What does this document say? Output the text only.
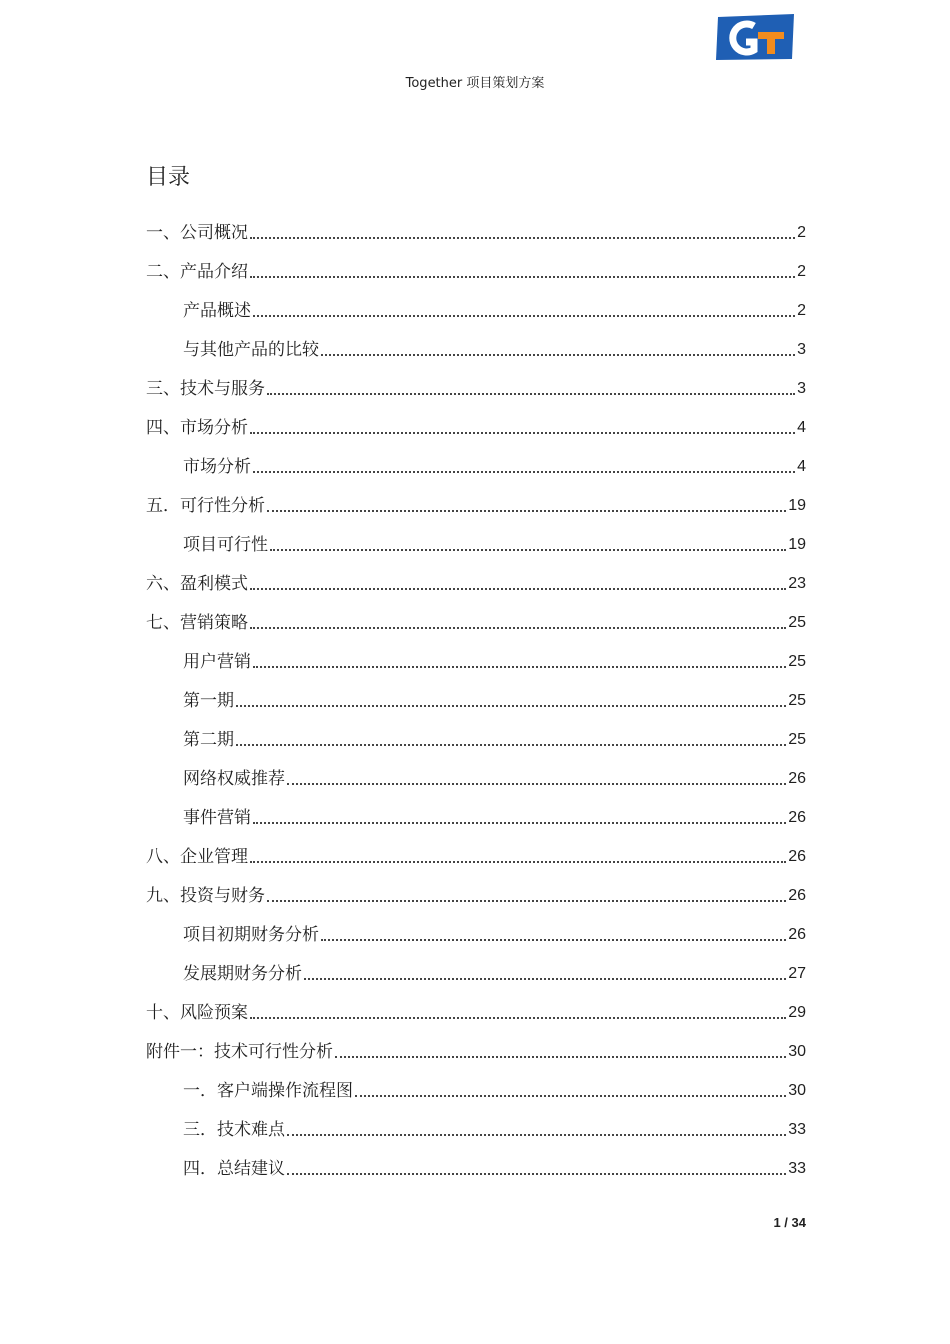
Together 项目策划方案
目录
一、公司概况	2
二、产品介绍	2
产品概述	2
与其他产品的比较	3
三、技术与服务	3
四、市场分析	4
市场分析	4
五．可行性分析	19
项目可行性	19
六、盈利模式	23
七、营销策略	25
用户营销	25
第一期	25
第二期	25
网络权威推荐	26
事件营销	26
八、企业管理	26
九、投资与财务	26
项目初期财务分析	26
发展期财务分析	27
十、风险预案	29
附件一：技术可行性分析	30
一．客户端操作流程图	30
三．技术难点	33
四．总结建议	33
1 / 34
